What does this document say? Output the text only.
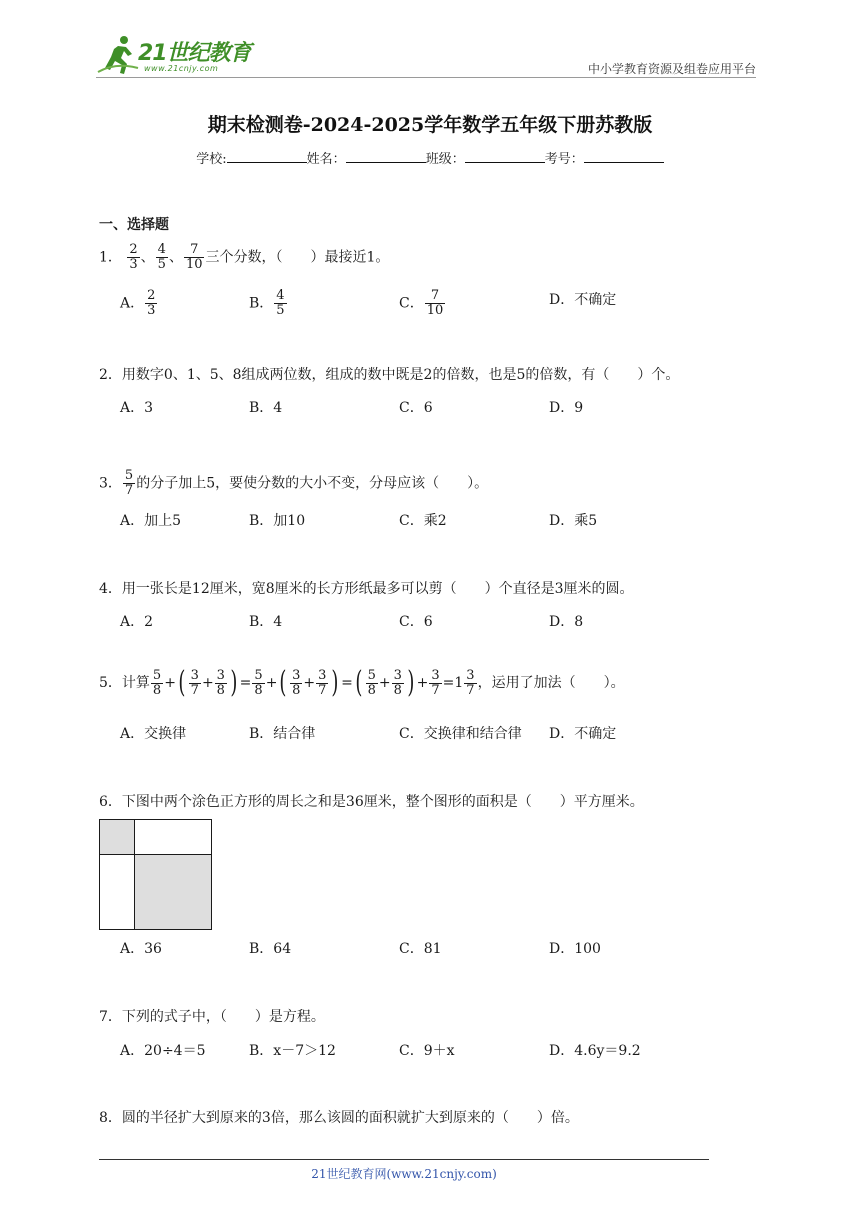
21世纪教育
www.21cnjy.com	中小学教育资源及组卷应用平台
期末检测卷-2024-2025学年数学五年级下册苏教版
学校:	姓名：	班级：	考号：
一、选择题
1． $\frac{2}{3}$ 、 $\frac{4}{5}$ 、 $\frac{7}{10}$ 三个分数，（　　）最接近1。
A． $\frac{2}{3}$	B． $\frac{4}{5}$	C． $\frac{7}{10}$	D．不确定
2．用数字0、1、5、8组成两位数，组成的数中既是2的倍数，也是5的倍数，有（　　）个。
A．3	B．4	C．6	D．9
3． $\frac{5}{7}$ 的分子加上5，要使分数的大小不变，分母应该（　　）。
A．加上5	B．加10	C．乘2	D．乘5
4．用一张长是12厘米，宽8厘米的长方形纸最多可以剪（　　）个直径是3厘米的圆。
A．2	B．4	C．6	D．8
5．计算 $\frac{5}{8}$ +( $\frac{3}{7} + \frac{3}{8}$ ) = $\frac{5}{8}$ +( $\frac{3}{8} + \frac{3}{7}$ ) =( $\frac{5}{8} + \frac{3}{8}$ ) + $\frac{3}{7} =1 \frac{3}{7}$ ，运用了加法（　　）。
A．交换律	B．结合律	C．交换律和结合律 D．不确定
6．下图中两个涂色正方形的周长之和是36厘米，整个图形的面积是（　　）平方厘米。
A．36	B．64	C．81	D．100
7．下列的式子中，（　　）是方程。
A．20÷4＝5	B．x－7＞12	C．9＋x	D．4.6y＝9.2
8．圆的半径扩大到原来的3倍，那么该圆的面积就扩大到原来的（　　）倍。
21世纪教育网(www.21cnjy.com)
